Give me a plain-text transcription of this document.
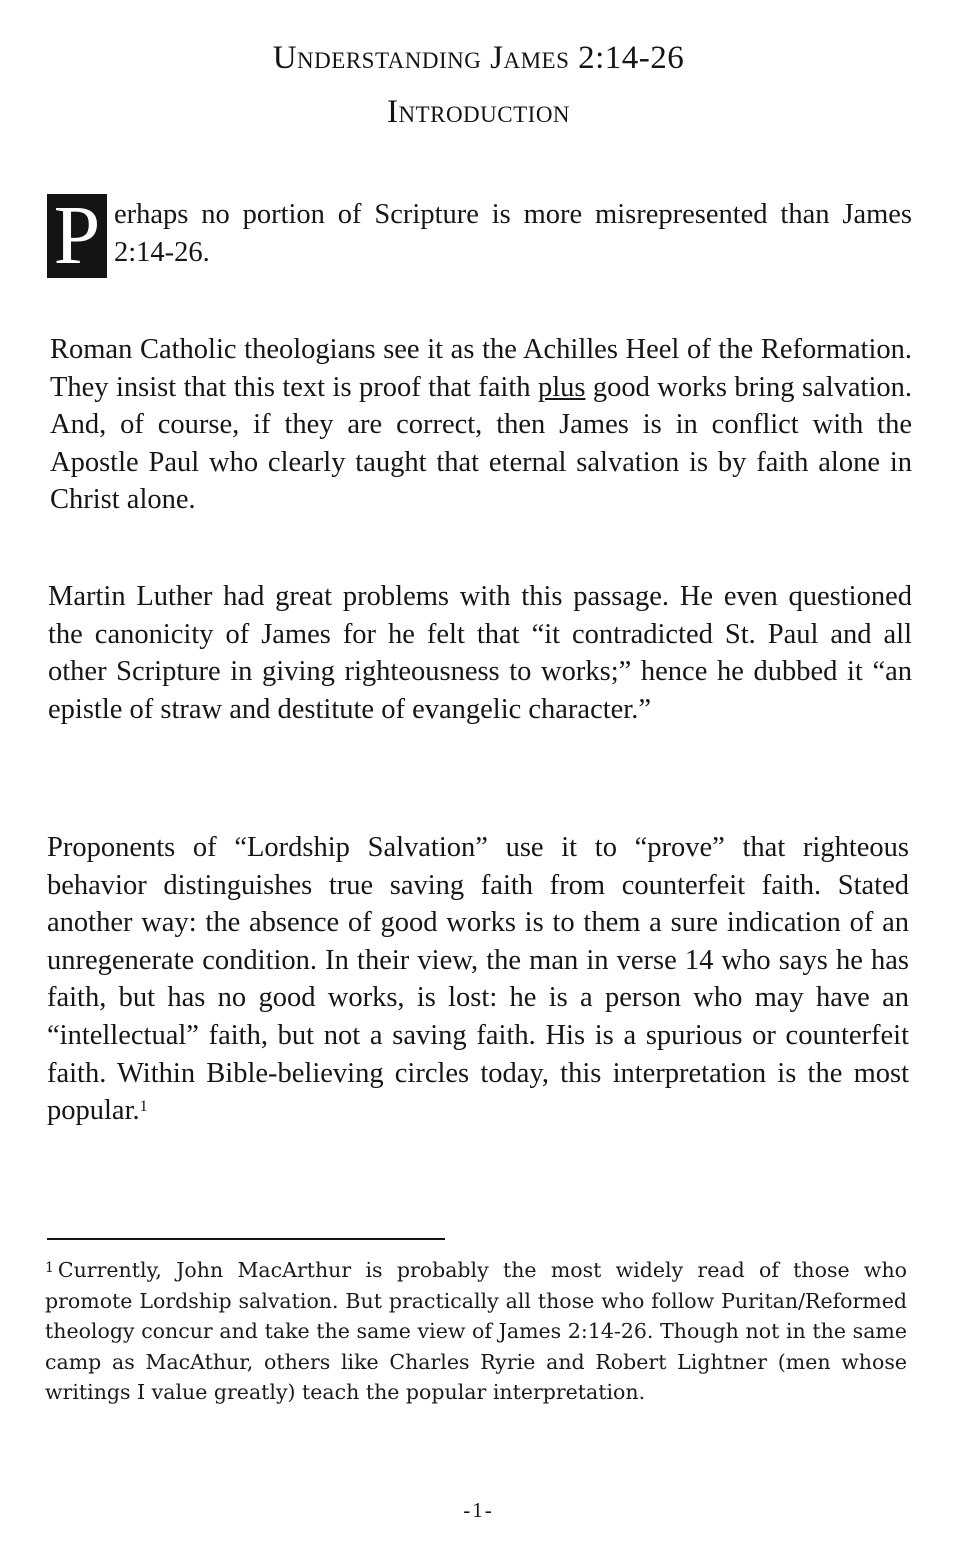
Understanding James 2:14-26
Introduction
P erhaps no portion of Scripture is more misrepresented than James 2:14-26.
Roman Catholic theologians see it as the Achilles Heel of the Reformation. They insist that this text is proof that faith plus good works bring salvation. And, of course, if they are correct, then James is in conflict with the Apostle Paul who clearly taught that eternal salvation is by faith alone in Christ alone.
Martin Luther had great problems with this passage. He even questioned the canonicity of James for he felt that “it contradicted St. Paul and all other Scripture in giving righteousness to works;” hence he dubbed it “an epistle of straw and destitute of evangelic character.”
Proponents of “Lordship Salvation” use it to “prove” that righteous behavior distinguishes true saving faith from counterfeit faith. Stated another way: the absence of good works is to them a sure indication of an unregenerate condition. In their view, the man in verse 14 who says he has faith, but has no good works, is lost: he is a person who may have an “intellectual” faith, but not a saving faith. His is a spurious or counterfeit faith. Within Bible-believing circles today, this interpretation is the most popular.$^1$
$^1$ Currently, John MacArthur is probably the most widely read of those who promote Lordship salvation. But practically all those who follow Puritan/Reformed theology concur and take the same view of James 2:14-26. Though not in the same camp as MacAthur, others like Charles Ryrie and Robert Lightner (men whose writings I value greatly) teach the popular interpretation.
-1-
